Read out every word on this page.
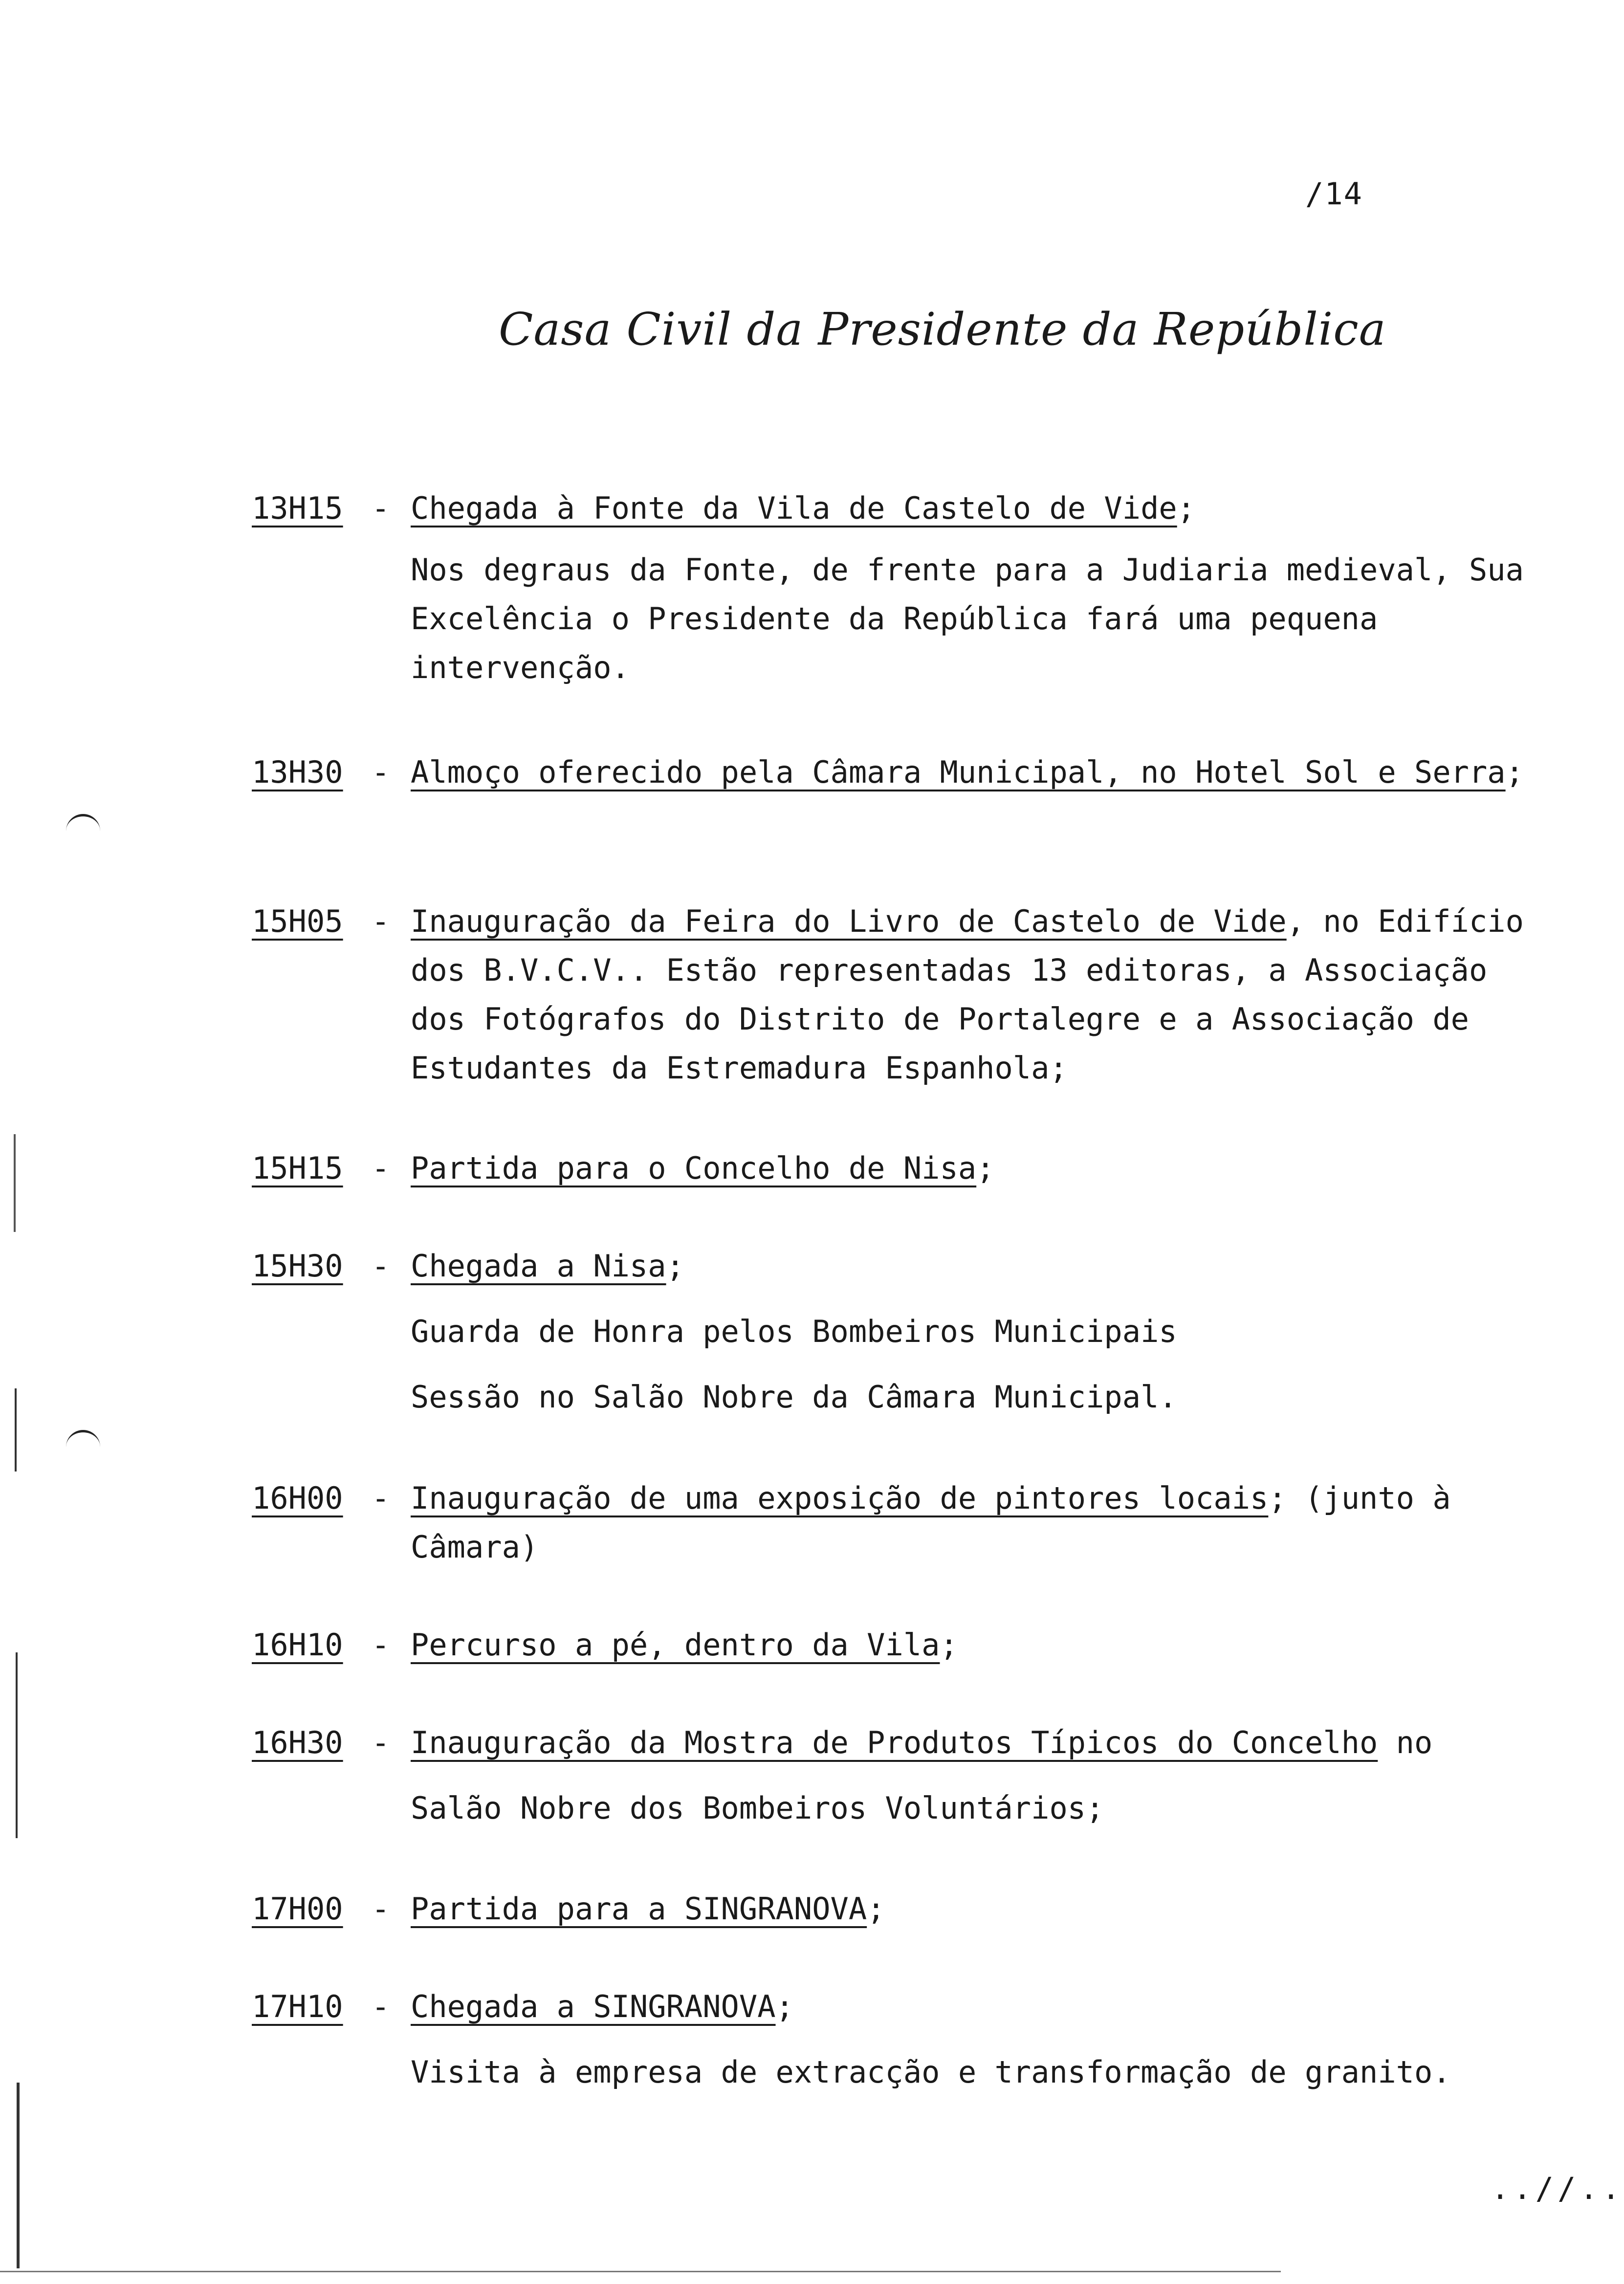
/14
Casa Civil da Presidente da República
13H15 - Chegada à Fonte da Vila de Castelo de Vide;

Nos degraus da Fonte, de frente para a Judiaria medieval, Sua Excelência o Presidente da República fará uma pequena intervenção.

13H30 - Almoço oferecido pela Câmara Municipal, no Hotel Sol e Serra;

15H05 - Inauguração da Feira do Livro de Castelo de Vide, no Edifício dos B.V.C.V.. Estão representadas 13 editoras, a Associação dos Fotógrafos do Distrito de Portalegre e a Associação de Estudantes da Estremadura Espanhola;

15H15 - Partida para o Concelho de Nisa;

15H30 - Chegada a Nisa;

Guarda de Honra pelos Bombeiros Municipais

Sessão no Salão Nobre da Câmara Municipal.

16H00 - Inauguração de uma exposição de pintores locais; (junto à Câmara)

16H10 - Percurso a pé, dentro da Vila;

16H30 - Inauguração da Mostra de Produtos Típicos do Concelho no

Salão Nobre dos Bombeiros Voluntários;

17H00 - Partida para a SINGRANOVA;

17H10 - Chegada a SINGRANOVA;

Visita à empresa de extracção e transformação de granito.

..//..
